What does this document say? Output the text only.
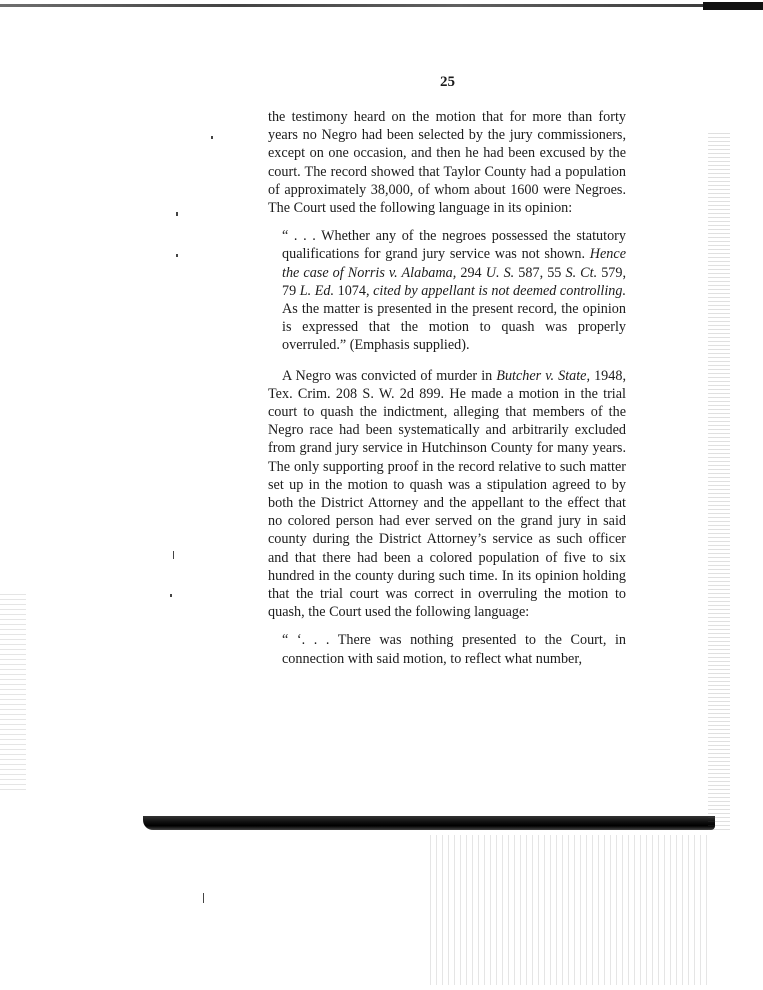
25

the testimony heard on the motion that for more than forty years no Negro had been selected by the jury commissioners, except on one occasion, and then he had been excused by the court. The record showed that Taylor County had a population of approximately 38,000, of whom about 1600 were Negroes. The Court used the following language in its opinion:

“ . . . Whether any of the negroes possessed the statutory qualifications for grand jury service was not shown. Hence the case of Norris v. Alabama, 294 U. S. 587, 55 S. Ct. 579, 79 L. Ed. 1074, cited by appellant is not deemed controlling. As the matter is presented in the present record, the opinion is expressed that the motion to quash was properly overruled.” (Emphasis supplied).

A Negro was convicted of murder in Butcher v. State, 1948, Tex. Crim. 208 S. W. 2d 899. He made a motion in the trial court to quash the indictment, alleging that members of the Negro race had been systematically and arbitrarily excluded from grand jury service in Hutchinson County for many years. The only supporting proof in the record relative to such matter set up in the motion to quash was a stipulation agreed to by both the District Attorney and the appellant to the effect that no colored person had ever served on the grand jury in said county during the District Attorney’s service as such officer and that there had been a colored population of five to six hundred in the county during such time. In its opinion holding that the trial court was correct in overruling the motion to quash, the Court used the following language:

“ ‘. . . There was nothing presented to the Court, in connection with said motion, to reflect what number,
